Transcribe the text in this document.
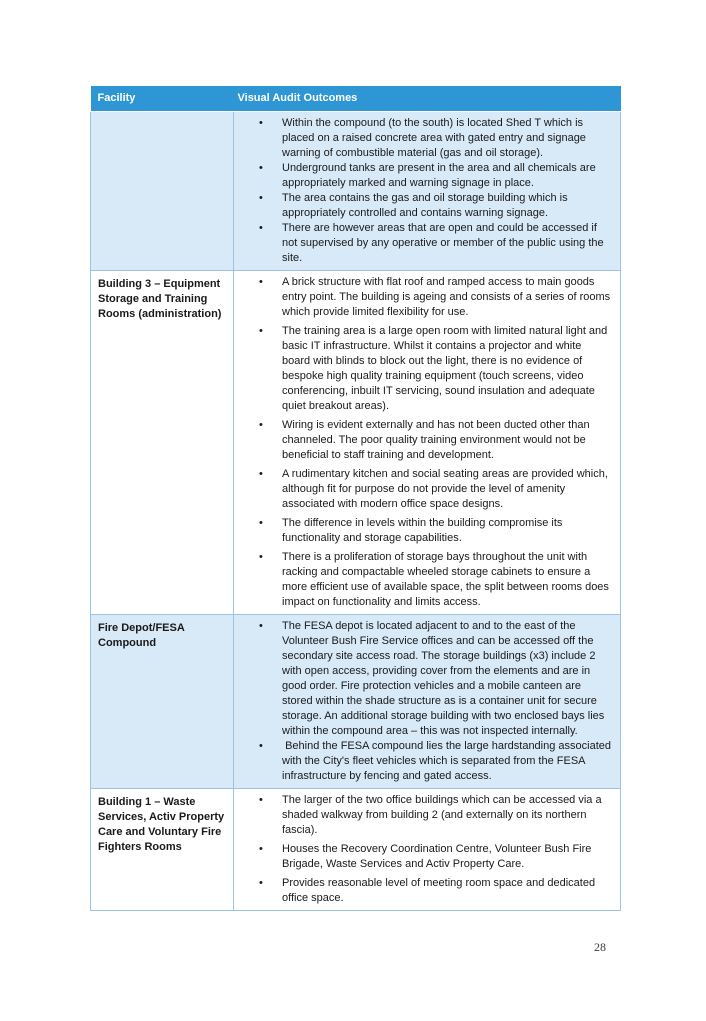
Facility	Visual Audit Outcomes

•	Within the compound (to the south) is located Shed T which is placed on a raised concrete area with gated entry and signage warning of combustible material (gas and oil storage).
•	Underground tanks are present in the area and all chemicals are appropriately marked and warning signage in place.
•	The area contains the gas and oil storage building which is appropriately controlled and contains warning signage.
•	There are however areas that are open and could be accessed if not supervised by any operative or member of the public using the site.

Building 3 – Equipment Storage and Training Rooms (administration)	
•	A brick structure with flat roof and ramped access to main goods entry point. The building is ageing and consists of a series of rooms which provide limited flexibility for use.
•	The training area is a large open room with limited natural light and basic IT infrastructure. Whilst it contains a projector and white board with blinds to block out the light, there is no evidence of bespoke high quality training equipment (touch screens, video conferencing, inbuilt IT servicing, sound insulation and adequate quiet breakout areas).
•	Wiring is evident externally and has not been ducted other than channeled. The poor quality training environment would not be beneficial to staff training and development.
•	A rudimentary kitchen and social seating areas are provided which, although fit for purpose do not provide the level of amenity associated with modern office space designs.
•	The difference in levels within the building compromise its functionality and storage capabilities.
•	There is a proliferation of storage bays throughout the unit with racking and compactable wheeled storage cabinets to ensure a more efficient use of available space, the split between rooms does impact on functionality and limits access.

Fire Depot/FESA Compound	
•	The FESA depot is located adjacent to and to the east of the Volunteer Bush Fire Service offices and can be accessed off the secondary site access road. The storage buildings (x3) include 2 with open access, providing cover from the elements and are in good order. Fire protection vehicles and a mobile canteen are stored within the shade structure as is a container unit for secure storage. An additional storage building with two enclosed bays lies within the compound area – this was not inspected internally.
•	Behind the FESA compound lies the large hardstanding associated with the City's fleet vehicles which is separated from the FESA infrastructure by fencing and gated access.

Building 1 – Waste Services, Activ Property Care and Voluntary Fire Fighters Rooms	
•	The larger of the two office buildings which can be accessed via a shaded walkway from building 2 (and externally on its northern fascia).
•	Houses the Recovery Coordination Centre, Volunteer Bush Fire Brigade, Waste Services and Activ Property Care.
•	Provides reasonable level of meeting room space and dedicated office space.
28
